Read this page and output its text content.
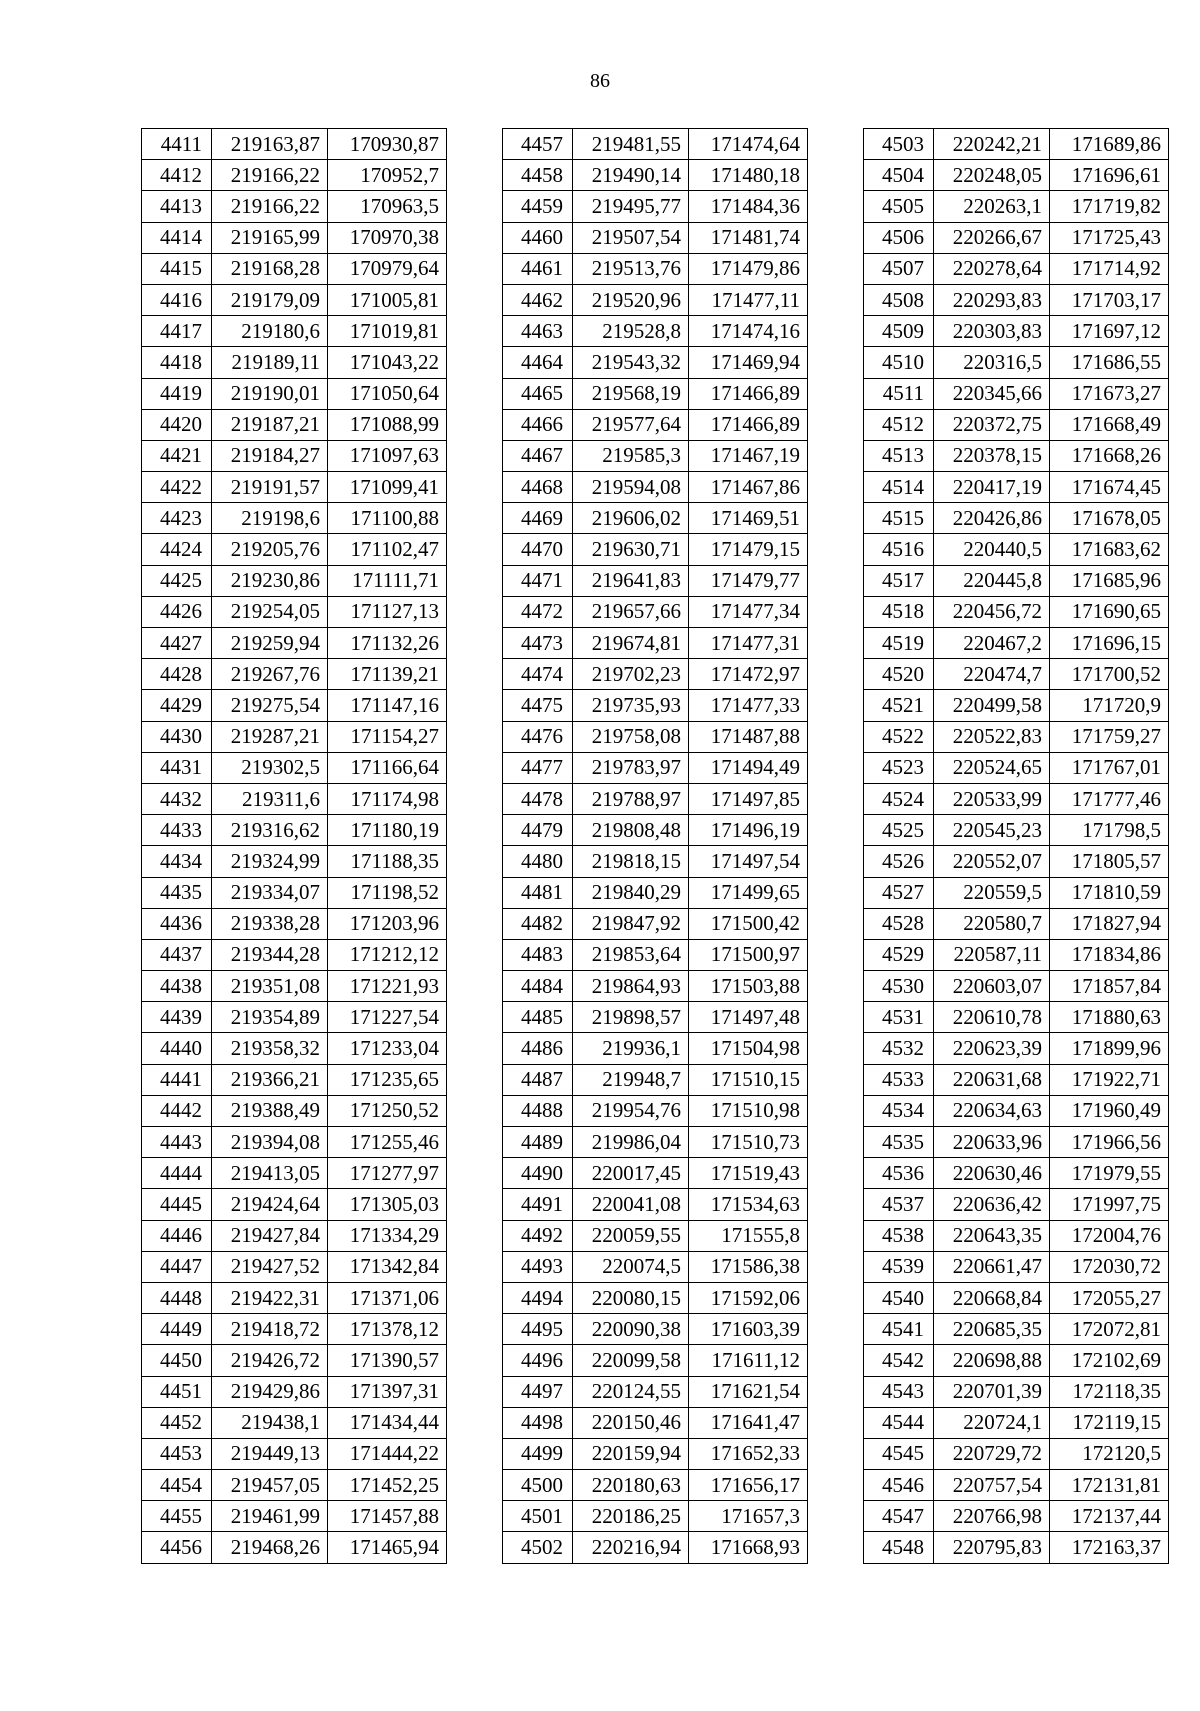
86
4411	219163,87	170930,87
4412	219166,22	170952,7
4413	219166,22	170963,5
4414	219165,99	170970,38
4415	219168,28	170979,64
4416	219179,09	171005,81
4417	219180,6	171019,81
4418	219189,11	171043,22
4419	219190,01	171050,64
4420	219187,21	171088,99
4421	219184,27	171097,63
4422	219191,57	171099,41
4423	219198,6	171100,88
4424	219205,76	171102,47
4425	219230,86	171111,71
4426	219254,05	171127,13
4427	219259,94	171132,26
4428	219267,76	171139,21
4429	219275,54	171147,16
4430	219287,21	171154,27
4431	219302,5	171166,64
4432	219311,6	171174,98
4433	219316,62	171180,19
4434	219324,99	171188,35
4435	219334,07	171198,52
4436	219338,28	171203,96
4437	219344,28	171212,12
4438	219351,08	171221,93
4439	219354,89	171227,54
4440	219358,32	171233,04
4441	219366,21	171235,65
4442	219388,49	171250,52
4443	219394,08	171255,46
4444	219413,05	171277,97
4445	219424,64	171305,03
4446	219427,84	171334,29
4447	219427,52	171342,84
4448	219422,31	171371,06
4449	219418,72	171378,12
4450	219426,72	171390,57
4451	219429,86	171397,31
4452	219438,1	171434,44
4453	219449,13	171444,22
4454	219457,05	171452,25
4455	219461,99	171457,88
4456	219468,26	171465,94
4457	219481,55	171474,64
4458	219490,14	171480,18
4459	219495,77	171484,36
4460	219507,54	171481,74
4461	219513,76	171479,86
4462	219520,96	171477,11
4463	219528,8	171474,16
4464	219543,32	171469,94
4465	219568,19	171466,89
4466	219577,64	171466,89
4467	219585,3	171467,19
4468	219594,08	171467,86
4469	219606,02	171469,51
4470	219630,71	171479,15
4471	219641,83	171479,77
4472	219657,66	171477,34
4473	219674,81	171477,31
4474	219702,23	171472,97
4475	219735,93	171477,33
4476	219758,08	171487,88
4477	219783,97	171494,49
4478	219788,97	171497,85
4479	219808,48	171496,19
4480	219818,15	171497,54
4481	219840,29	171499,65
4482	219847,92	171500,42
4483	219853,64	171500,97
4484	219864,93	171503,88
4485	219898,57	171497,48
4486	219936,1	171504,98
4487	219948,7	171510,15
4488	219954,76	171510,98
4489	219986,04	171510,73
4490	220017,45	171519,43
4491	220041,08	171534,63
4492	220059,55	171555,8
4493	220074,5	171586,38
4494	220080,15	171592,06
4495	220090,38	171603,39
4496	220099,58	171611,12
4497	220124,55	171621,54
4498	220150,46	171641,47
4499	220159,94	171652,33
4500	220180,63	171656,17
4501	220186,25	171657,3
4502	220216,94	171668,93
4503	220242,21	171689,86
4504	220248,05	171696,61
4505	220263,1	171719,82
4506	220266,67	171725,43
4507	220278,64	171714,92
4508	220293,83	171703,17
4509	220303,83	171697,12
4510	220316,5	171686,55
4511	220345,66	171673,27
4512	220372,75	171668,49
4513	220378,15	171668,26
4514	220417,19	171674,45
4515	220426,86	171678,05
4516	220440,5	171683,62
4517	220445,8	171685,96
4518	220456,72	171690,65
4519	220467,2	171696,15
4520	220474,7	171700,52
4521	220499,58	171720,9
4522	220522,83	171759,27
4523	220524,65	171767,01
4524	220533,99	171777,46
4525	220545,23	171798,5
4526	220552,07	171805,57
4527	220559,5	171810,59
4528	220580,7	171827,94
4529	220587,11	171834,86
4530	220603,07	171857,84
4531	220610,78	171880,63
4532	220623,39	171899,96
4533	220631,68	171922,71
4534	220634,63	171960,49
4535	220633,96	171966,56
4536	220630,46	171979,55
4537	220636,42	171997,75
4538	220643,35	172004,76
4539	220661,47	172030,72
4540	220668,84	172055,27
4541	220685,35	172072,81
4542	220698,88	172102,69
4543	220701,39	172118,35
4544	220724,1	172119,15
4545	220729,72	172120,5
4546	220757,54	172131,81
4547	220766,98	172137,44
4548	220795,83	172163,37
